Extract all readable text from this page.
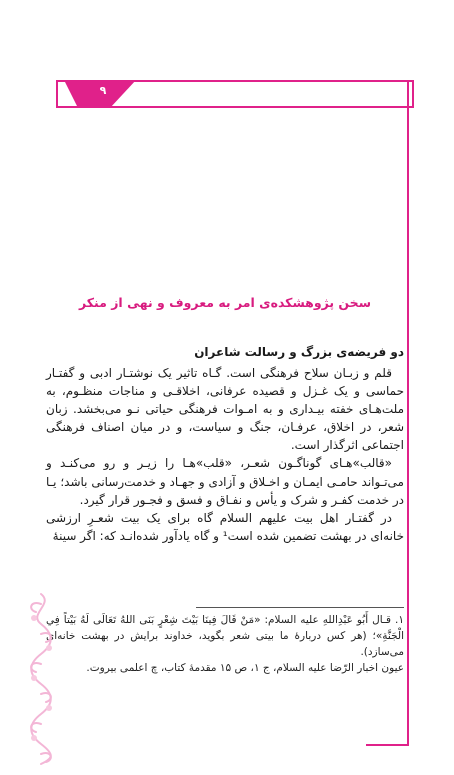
۹
سخن پژوهشکده‌ی امر به معروف و نهی از منکر
دو فریضه‌ی بزرگ و رسالت شاعران

قلم و زبـان سلاح فرهنگی است. گـاه تاثیر یک نوشتـار ادبی و گفتـار حماسی و یک غـزل و قصیده عرفانی، اخلاقـی و مناجات منظـوم، به ملت‌هـای خفته بیـداری و به امـوات فرهنگی حیاتی نـو می‌بخشد. زبان شعر، در اخلاق، عرفـان، جنگ و سیاست، و در میان اصناف فرهنگی اجتماعی اثرگذار است.

«قالب»هـای گوناگـون شعـر، «قلب»هـا را زیـر و رو می‌کنـد و می‌تـواند حامـی ایمـان و اخـلاق و آزادی و جهـاد و خدمت‌رسانی باشد؛ یـا در خدمت کفـر و شرک و یأس و نفـاق و فسق و فجـور قرار گیرد.

در گفتـار اهل بیت علیهم السلام گاه برای یک بیت شعـرِ ارزشی خانه‌ای در بهشت تضمین شده است¹ و گاه یادآور شده‌انـد که: اگر سینهٔ

۱. قـال أَبُو عَبْدِاللهِ علیه السلام: «مَنْ قَالَ فِينَا بَيْتَ شِعْرٍ بَنَى اللهُ تَعَالَى لَهُ بَيْتاً فِي الْجَنَّةِ»؛ (هر کس درباره‌ٔ ما بیتی شعر بگوید، خداوند برایش در بهشت خانه‌ای می‌سازد).

عیون اخبار الرّضا علیه السلام، ج ۱، ص ۱۵ مقدمهٔ کتاب، چ اعلمی بیروت.
